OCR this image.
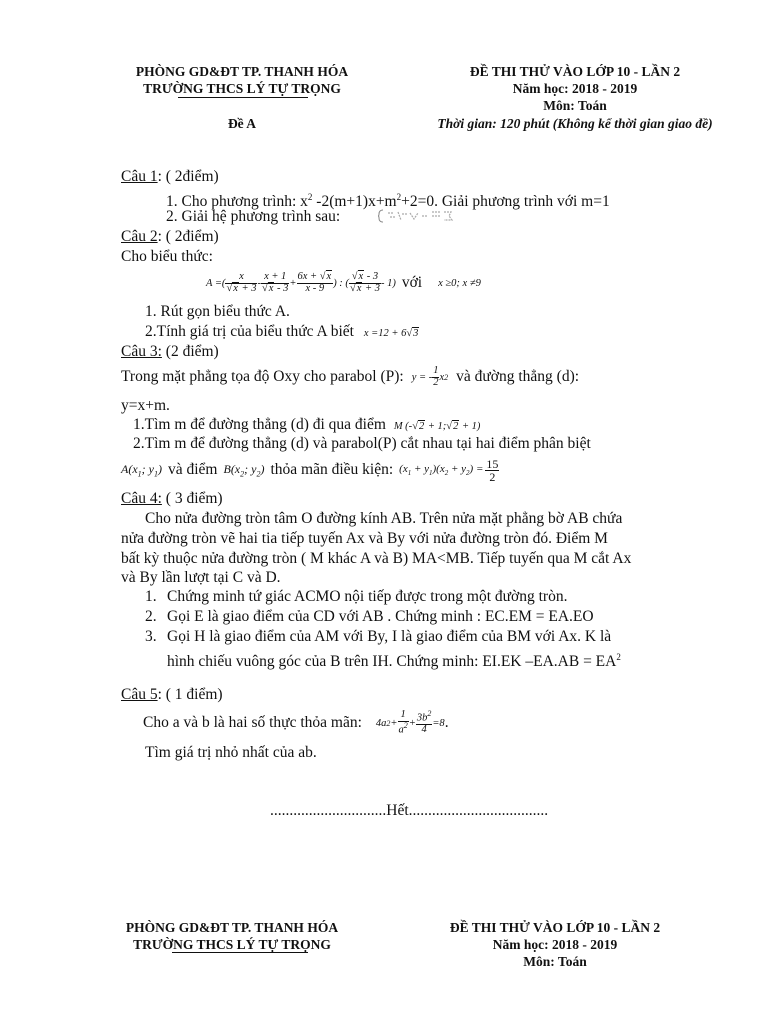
PHÒNG GD&ĐT TP. THANH HÓA
TRƯỜNG THCS LÝ TỰ TRỌNG
ĐỀ THI THỬ VÀO LỚP 10 - LẦN 2
Năm học: 2018 - 2019
Môn: Toán
Đề A	Thời gian: 120 phút (Không kể thời gian giao đề)
Câu 1: ( 2điểm)
1. Cho phương trình: $x^2$ $-2(m+1)x+m^2+2=0$. Giải phương trình với m=1
2. Giải hệ phương trình sau:
Câu 2: ( 2điểm)
Cho biểu thức:
A =( $\frac{x}{√x + 3} - \frac{x + 1}{√x - 3} + \frac{6x + √x}{x - 9}$ ) : ( $\frac{√x - 3}{√x + 3} - 1$) với x ≥0; x ≠9
1. Rút gọn biểu thức A.
2.Tính giá trị của biểu thức A biết x =12 + 6√3
Câu 3: (2 điểm)
Trong mặt phẳng tọa độ Oxy cho parabol (P): y = - $\frac{1}{2}$ x 2 và đường thẳng (d):
y=x+m.
1.Tìm m để đường thẳng (d) đi qua điểm M (-√2 + 1;√2 + 1)
2.Tìm m để đường thẳng (d) và parabol(P) cắt nhau tại hai điểm phân biệt
$A(x_1$; $y_1$) và điểm $B(x_2$; $y_2$) thỏa mãn điều kiện: $(x_1 + y_1)(x_2 + y_2) = \frac{15}{2}$
Câu 4: ( 3 điểm)
Cho nửa đường tròn tâm O đường kính AB. Trên nửa mặt phẳng bờ AB chứa
nửa đường tròn vẽ hai tia tiếp tuyến Ax và By với nửa đường tròn đó. Điểm M
bất kỳ thuộc nửa đường tròn ( M khác A và B) MA<MB. Tiếp tuyến qua M cắt Ax
và By lần lượt tại C và D.
1. Chứng minh tứ giác ACMO nội tiếp được trong một đường tròn.
2. Gọi E là giao điểm của CD với AB . Chứng minh : EC.EM = EA.EO
3. Gọi H là giao điểm của AM với By, I là giao điểm của BM với Ax. K là
hình chiếu vuông góc của B trên IH. Chứng minh: EI.EK $-EA.AB = EA^2$
Câu 5: ( 1 điểm)
Cho a và b là hai số thực thỏa mãn: 4a $2 + \frac{1}{a^2} + \frac{3b^2}{4} =8$ .
Tìm giá trị nhỏ nhất của ab.
..............................Hết....................................
PHÒNG GD&ĐT TP. THANH HÓA
TRƯỜNG THCS LÝ TỰ TRỌNG
ĐỀ THI THỬ VÀO LỚP 10 - LẦN 2
Năm học: 2018 - 2019
Môn: Toán
